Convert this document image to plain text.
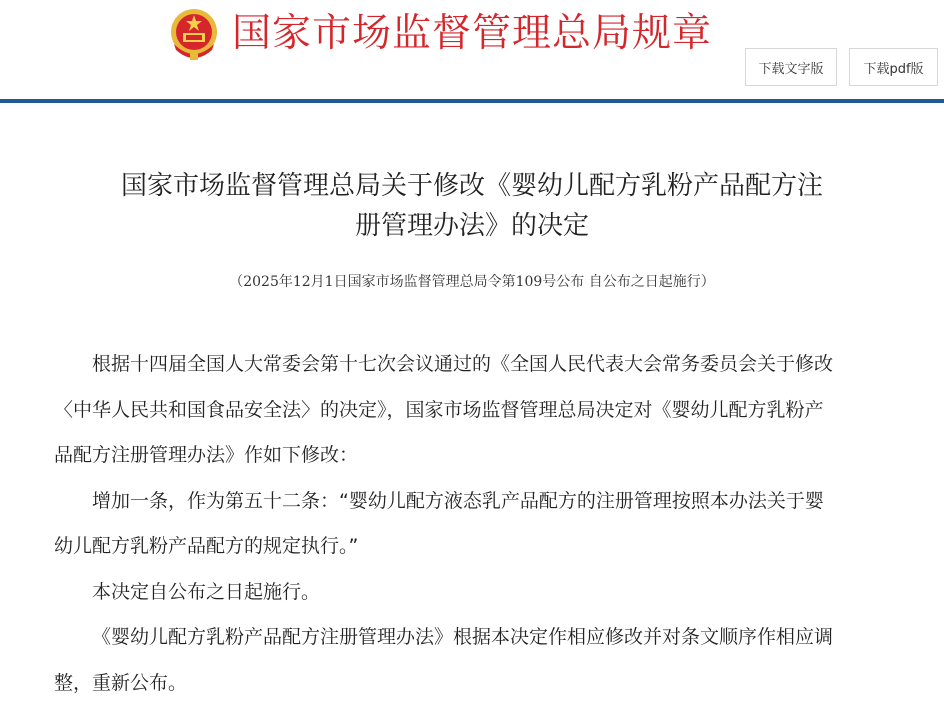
国家市场监督管理总局规章
下载文字版	下载pdf版
国家市场监督管理总局关于修改《婴幼儿配方乳粉产品配方注
册管理办法》的决定
（2025年12月1日国家市场监督管理总局令第109号公布 自公布之日起施行）

根据十四届全国人大常委会第十七次会议通过的《全国人民代表大会常务委员会关于修改〈中华人民共和国食品安全法〉的决定》，国家市场监督管理总局决定对《婴幼儿配方乳粉产品配方注册管理办法》作如下修改：

增加一条，作为第五十二条：“婴幼儿配方液态乳产品配方的注册管理按照本办法关于婴幼儿配方乳粉产品配方的规定执行。”

本决定自公布之日起施行。

《婴幼儿配方乳粉产品配方注册管理办法》根据本决定作相应修改并对条文顺序作相应调整，重新公布。
